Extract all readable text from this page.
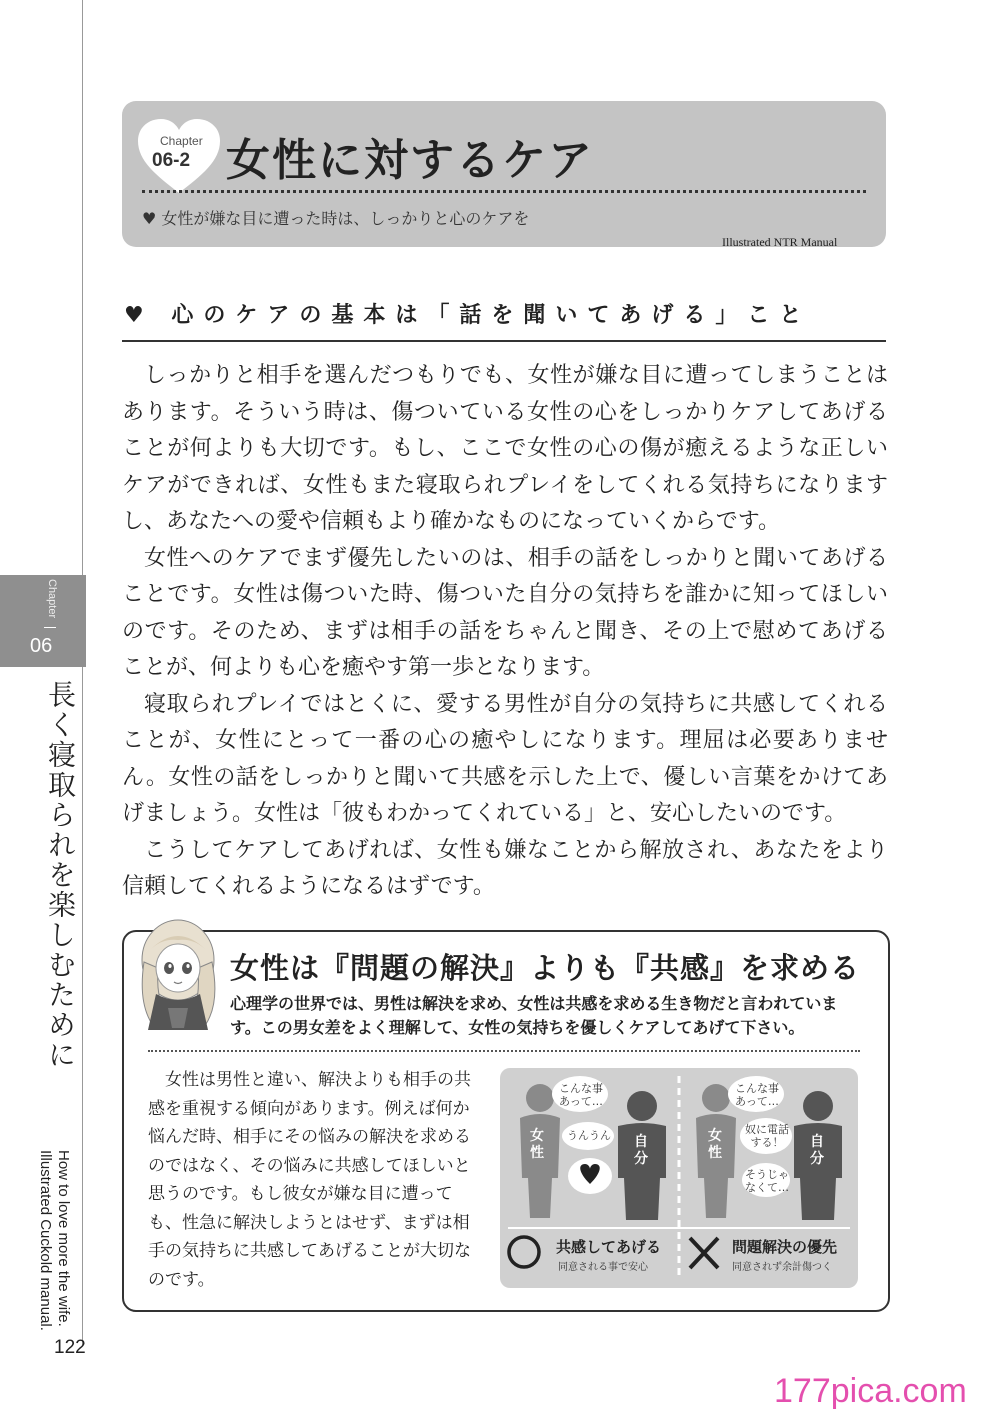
Chapter
06
長く寝取られを楽しむために
How to love more the wife.
Illustrated Cuckold manual.
122
Chapter
06-2 女性に対するケア
♥ 女性が嫌な目に遭った時は、しっかりと心のケアを
Illustrated NTR Manual
♥ 心のケアの基本は「話を聞いてあげる」こと

しっかりと相手を選んだつもりでも、女性が嫌な目に遭ってしまうことはあります。そういう時は、傷ついている女性の心をしっかりケアしてあげることが何よりも大切です。もし、ここで女性の心の傷が癒えるような正しいケアができれば、女性もまた寝取られプレイをしてくれる気持ちになりますし、あなたへの愛や信頼もより確かなものになっていくからです。

女性へのケアでまず優先したいのは、相手の話をしっかりと聞いてあげることです。女性は傷ついた時、傷ついた自分の気持ちを誰かに知ってほしいのです。そのため、まずは相手の話をちゃんと聞き、その上で慰めてあげることが、何よりも心を癒やす第一歩となります。

寝取られプレイではとくに、愛する男性が自分の気持ちに共感してくれることが、女性にとって一番の心の癒やしになります。理屈は必要ありません。女性の話をしっかりと聞いて共感を示した上で、優しい言葉をかけてあげましょう。女性は「彼もわかってくれている」と、安心したいのです。

こうしてケアしてあげれば、女性も嫌なことから解放され、あなたをより信頼してくれるようになるはずです。

女性は『問題の解決』よりも『共感』を求める
心理学の世界では、男性は解決を求め、女性は共感を求める生き物だと言われています。この男女差をよく理解して、女性の気持ちを優しくケアしてあげて下さい。

女性は男性と違い、解決よりも相手の共感を重視する傾向があります。例えば何か悩んだ時、相手にその悩みの解決を求めるのではなく、その悩みに共感してほしいと思うのです。もし彼女が嫌な目に遭っても、性急に解決しようとはせず、まずは相手の気持ちに共感してあげることが大切なのです。

こんな事
あって…
うんうん
女性
自分
こんな事
あって…
奴に電話
する！
そうじゃ
なくて…
女性
自分
共感してあげる
同意される事で安心
問題解決の優先
同意されず余計傷つく
177pica.com
